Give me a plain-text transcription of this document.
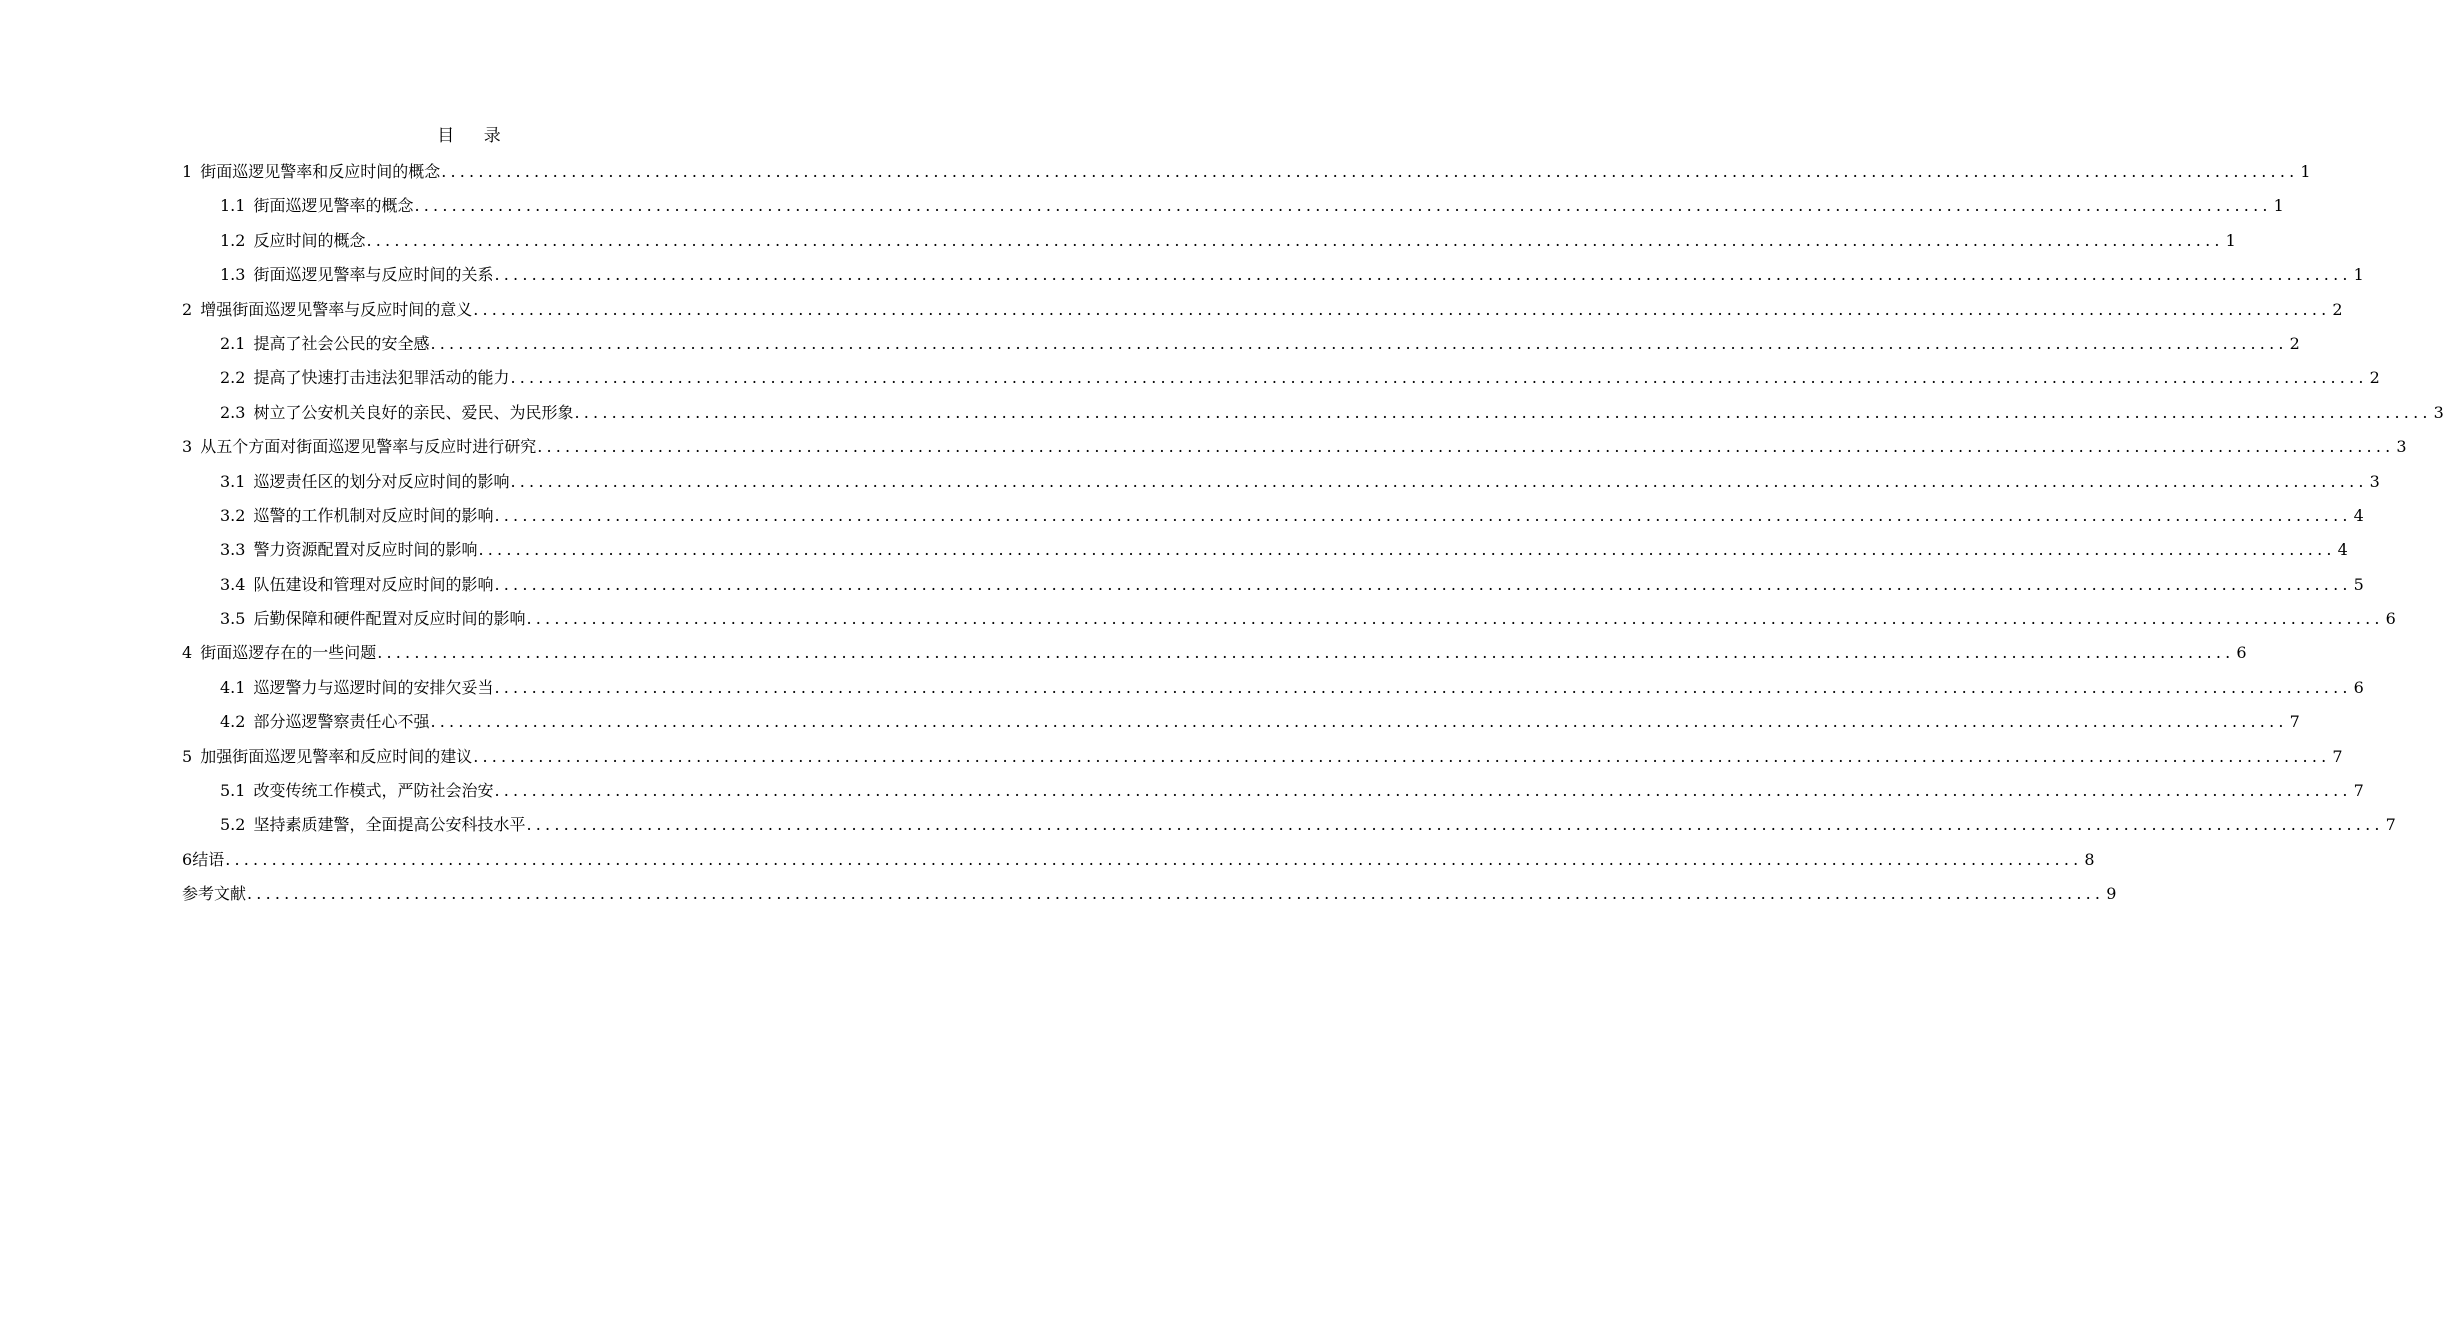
目 录
1 街面巡逻见警率和反应时间的概念 ........................................................................................................................................................................................................ 1
1.1 街面巡逻见警率的概念 ........................................................................................................................................................................................................ 1
1.2 反应时间的概念 ........................................................................................................................................................................................................ 1
1.3 街面巡逻见警率与反应时间的关系 ........................................................................................................................................................................................................ 1
2 增强街面巡逻见警率与反应时间的意义 ........................................................................................................................................................................................................ 2
2.1 提高了社会公民的安全感 ........................................................................................................................................................................................................ 2
2.2 提高了快速打击违法犯罪活动的能力 ........................................................................................................................................................................................................ 2
2.3 树立了公安机关良好的亲民、爱民、为民形象 ........................................................................................................................................................................................................ 3
3 从五个方面对街面巡逻见警率与反应时进行研究 ........................................................................................................................................................................................................ 3
3.1 巡逻责任区的划分对反应时间的影响 ........................................................................................................................................................................................................ 3
3.2 巡警的工作机制对反应时间的影响 ........................................................................................................................................................................................................ 4
3.3 警力资源配置对反应时间的影响 ........................................................................................................................................................................................................ 4
3.4 队伍建设和管理对反应时间的影响 ........................................................................................................................................................................................................ 5
3.5 后勤保障和硬件配置对反应时间的影响 ........................................................................................................................................................................................................ 6
4 街面巡逻存在的一些问题 ........................................................................................................................................................................................................ 6
4.1 巡逻警力与巡逻时间的安排欠妥当 ........................................................................................................................................................................................................ 6
4.2 部分巡逻警察责任心不强 ........................................................................................................................................................................................................ 7
5 加强街面巡逻见警率和反应时间的建议 ........................................................................................................................................................................................................ 7
5.1 改变传统工作模式，严防社会治安 ........................................................................................................................................................................................................ 7
5.2 坚持素质建警，全面提高公安科技水平 ........................................................................................................................................................................................................ 7
6结语 ........................................................................................................................................................................................................ 8
参考文献 ........................................................................................................................................................................................................ 9
